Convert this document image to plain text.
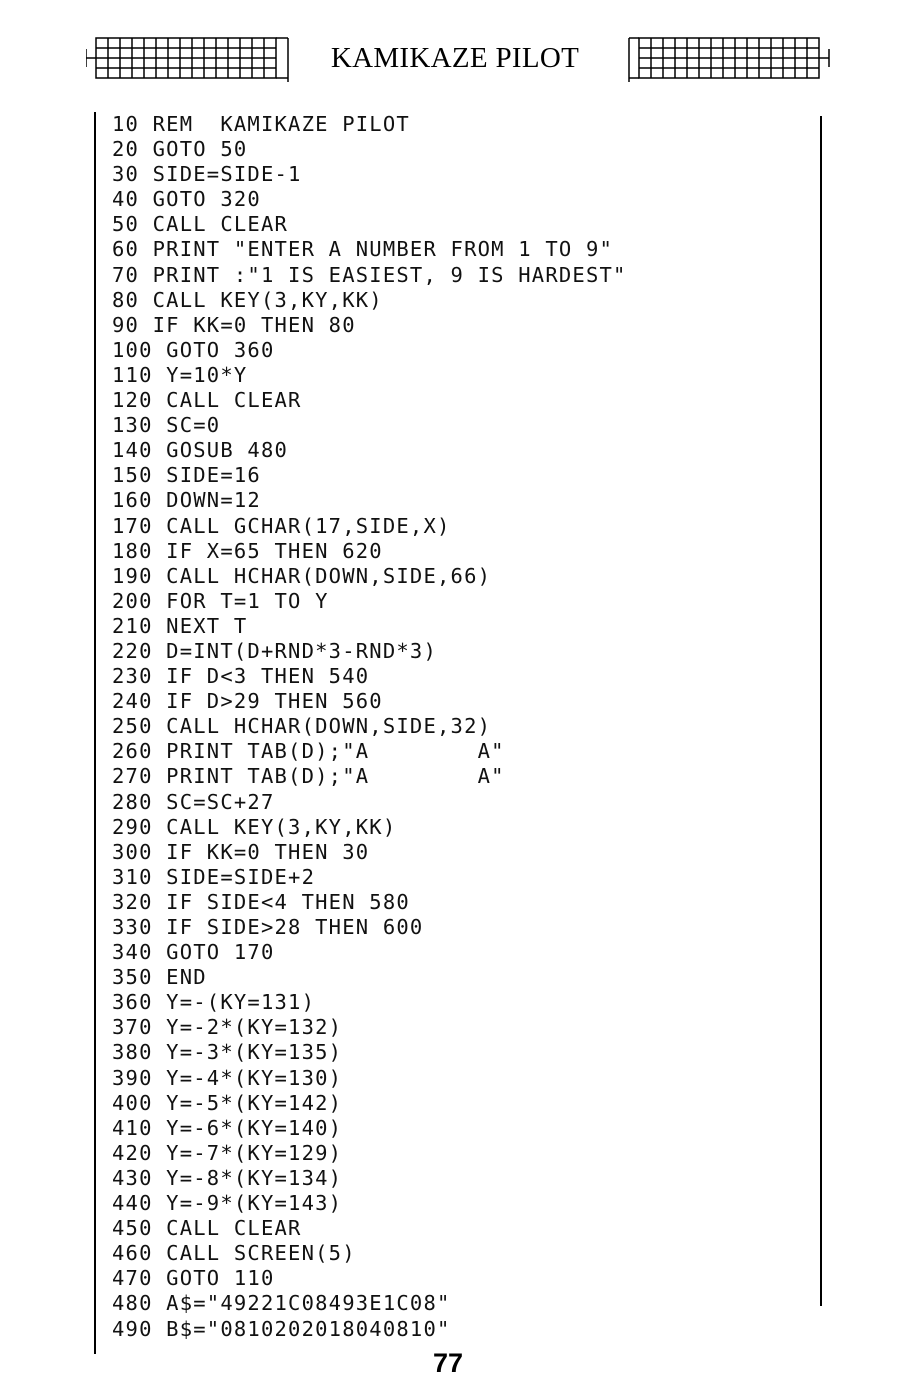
KAMIKAZE PILOT
10 REM  KAMIKAZE PILOT
20 GOTO 50
30 SIDE=SIDE-1
40 GOTO 320
50 CALL CLEAR
60 PRINT "ENTER A NUMBER FROM 1 TO 9"
70 PRINT :"1 IS EASIEST, 9 IS HARDEST"
80 CALL KEY(3,KY,KK)
90 IF KK=0 THEN 80
100 GOTO 360
110 Y=10*Y
120 CALL CLEAR
130 SC=0
140 GOSUB 480
150 SIDE=16
160 DOWN=12
170 CALL GCHAR(17,SIDE,X)
180 IF X=65 THEN 620
190 CALL HCHAR(DOWN,SIDE,66)
200 FOR T=1 TO Y
210 NEXT T
220 D=INT(D+RND*3-RND*3)
230 IF D<3 THEN 540
240 IF D>29 THEN 560
250 CALL HCHAR(DOWN,SIDE,32)
260 PRINT TAB(D);"A        A"
270 PRINT TAB(D);"A        A"
280 SC=SC+27
290 CALL KEY(3,KY,KK)
300 IF KK=0 THEN 30
310 SIDE=SIDE+2
320 IF SIDE<4 THEN 580
330 IF SIDE>28 THEN 600
340 GOTO 170
350 END
360 Y=-(KY=131)
370 Y=-2*(KY=132)
380 Y=-3*(KY=135)
390 Y=-4*(KY=130)
400 Y=-5*(KY=142)
410 Y=-6*(KY=140)
420 Y=-7*(KY=129)
430 Y=-8*(KY=134)
440 Y=-9*(KY=143)
450 CALL CLEAR
460 CALL SCREEN(5)
470 GOTO 110
480 A$="49221C08493E1C08"
490 B$="0810202018040810"
77
